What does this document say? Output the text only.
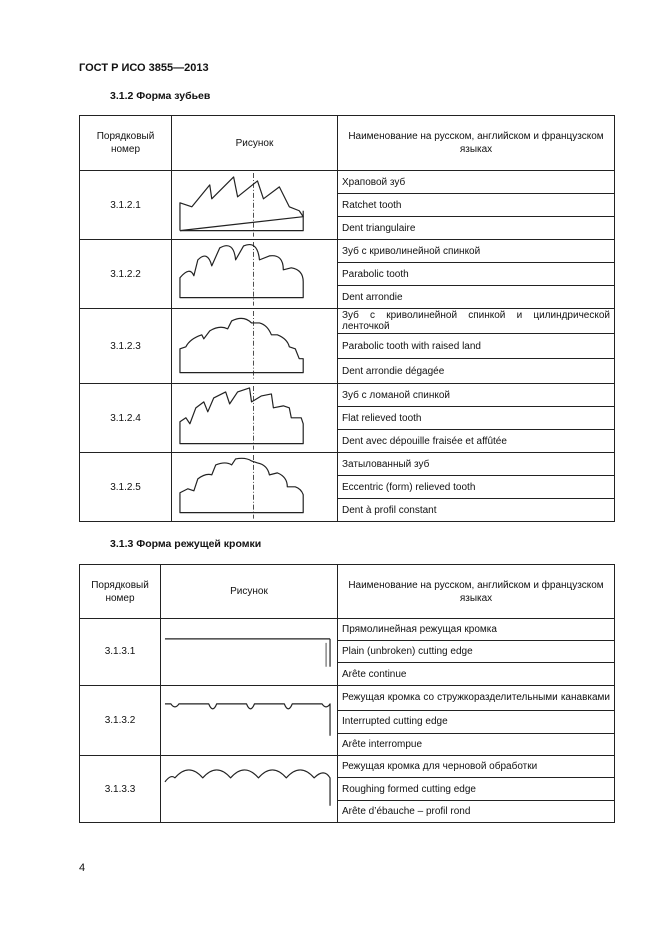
ГОСТ Р ИСО 3855—2013
3.1.2 Форма зубьев
Порядковый номер	Рисунок	Наименование на русском, английском и французском языках
3.1.2.1		Храповой зуб
		Ratchet tooth
		Dent triangulaire
3.1.2.2		Зуб с криволинейной спинкой
		Parabolic tooth
		Dent arrondie
3.1.2.3		Зуб с криволинейной спинкой и цилиндрической ленточкой
		Parabolic tooth with raised land
		Dent arrondie dégagée
3.1.2.4		Зуб с ломаной спинкой
		Flat relieved tooth
		Dent avec dépouille fraisée et affûtée
3.1.2.5		Затылованный зуб
		Eccentric (form) relieved tooth
		Dent à profil constant
3.1.3 Форма режущей кромки
Порядковый номер	Рисунок	Наименование на русском, английском и французском языках
3.1.3.1		Прямолинейная режущая кромка
		Plain (unbroken) cutting edge
		Arête continue
3.1.3.2		Режущая кромка со стружкоразделительными канавками
		Interrupted cutting edge
		Arête interrompue
3.1.3.3		Режущая кромка для черновой обработки
		Roughing formed cutting edge
		Arête d’ébauche – profil rond
4
